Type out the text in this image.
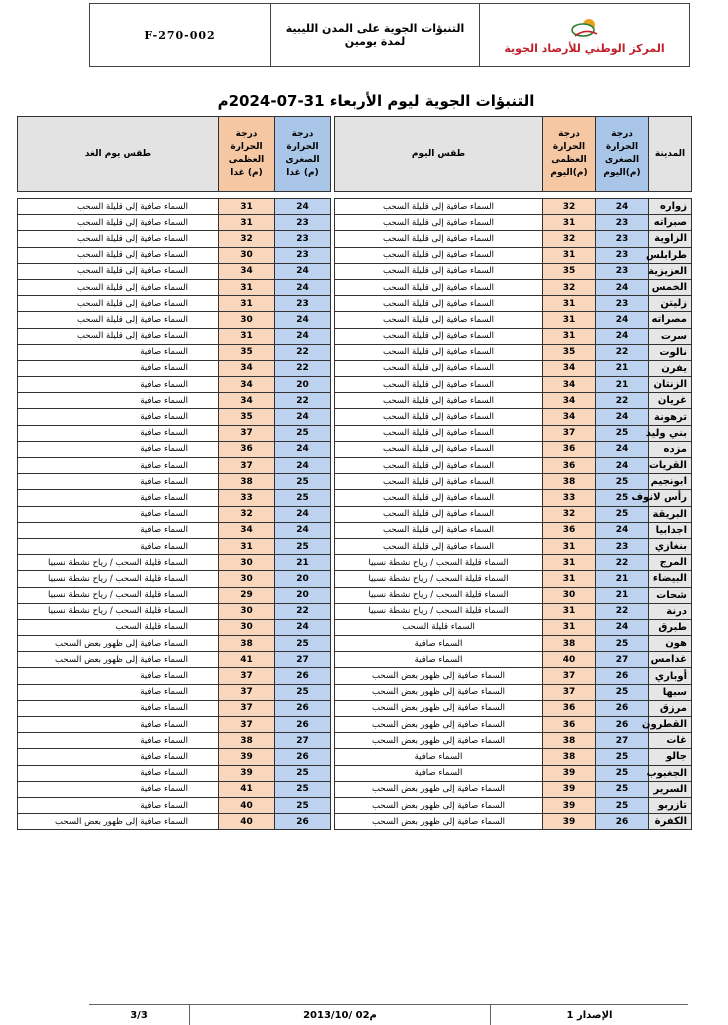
F-270-002	التنبؤات الجوية على المدن الليبية
لمدة يومين	المركز الوطني للأرصاد الجوية
التنبؤات الجوية ليوم الأربعاء 31-07-2024م
المدينة	درجة
الحرارة
الصغرى
(م)اليوم	درجة
الحرارة
العظمى
(م)اليوم	طقس اليوم		درجة
الحرارة
الصغرى
(م) غدا	درجة
الحرارة
العظمى
(م) غدا	طقس يوم الغد

زواره	24	32	السماء صافية إلى قليلة السحب		24	31	السماء صافية إلى قليلة السحب
صبراته	23	31	السماء صافية إلى قليلة السحب		23	31	السماء صافية إلى قليلة السحب
الزاوية	23	32	السماء صافية إلى قليلة السحب		23	32	السماء صافية إلى قليلة السحب
طرابلس	23	31	السماء صافية إلى قليلة السحب		23	30	السماء صافية إلى قليلة السحب
العزيزية	23	35	السماء صافية إلى قليلة السحب		24	34	السماء صافية إلى قليلة السحب
الخمس	24	32	السماء صافية إلى قليلة السحب		24	31	السماء صافية إلى قليلة السحب
زليتن	23	31	السماء صافية إلى قليلة السحب		23	31	السماء صافية إلى قليلة السحب
مصراته	24	31	السماء صافية إلى قليلة السحب		24	30	السماء صافية إلى قليلة السحب
سرت	24	31	السماء صافية إلى قليلة السحب		24	31	السماء صافية إلى قليلة السحب
نالوت	22	35	السماء صافية إلى قليلة السحب		22	35	السماء صافية
يفرن	21	34	السماء صافية إلى قليلة السحب		22	34	السماء صافية
الزنتان	21	34	السماء صافية إلى قليلة السحب		20	34	السماء صافية
غريان	22	34	السماء صافية إلى قليلة السحب		22	34	السماء صافية
ترهونة	24	34	السماء صافية إلى قليلة السحب		24	35	السماء صافية
بني وليد	25	37	السماء صافية إلى قليلة السحب		25	37	السماء صافية
مزده	24	36	السماء صافية إلى قليلة السحب		24	36	السماء صافية
القريات	24	36	السماء صافية إلى قليلة السحب		24	37	السماء صافية
ابونجيم	25	38	السماء صافية إلى قليلة السحب		25	38	السماء صافية
رأس لانوف	25	33	السماء صافية إلى قليلة السحب		25	33	السماء صافية
البريقة	25	32	السماء صافية إلى قليلة السحب		24	32	السماء صافية
اجدابيا	24	36	السماء صافية إلى قليلة السحب		24	34	السماء صافية
بنغازي	23	31	السماء صافية إلى قليلة السحب		25	31	السماء صافية
المرج	22	31	السماء قليلة السحب / رياح نشطة نسبيا		21	30	السماء قليلة السحب / رياح نشطة نسبيا
البيضاء	21	31	السماء قليلة السحب / رياح نشطة نسبيا		20	30	السماء قليلة السحب / رياح نشطة نسبيا
شحات	21	30	السماء قليلة السحب / رياح نشطة نسبيا		20	29	السماء قليلة السحب / رياح نشطة نسبيا
درنة	22	31	السماء قليلة السحب / رياح نشطة نسبيا		22	30	السماء قليلة السحب / رياح نشطة نسبيا
طبرق	24	31	السماء قليلة السحب		24	30	السماء قليلة السحب
هون	25	38	السماء صافية		25	38	السماء صافية إلى ظهور بعض السحب
غدامس	27	40	السماء صافية		27	41	السماء صافية إلى ظهور بعض السحب
أوباري	26	37	السماء صافية إلى ظهور بعض السحب		26	37	السماء صافية
سبها	25	37	السماء صافية إلى ظهور بعض السحب		25	37	السماء صافية
مرزق	26	36	السماء صافية إلى ظهور بعض السحب		26	37	السماء صافية
القطرون	26	36	السماء صافية إلى ظهور بعض السحب		26	37	السماء صافية
غات	27	38	السماء صافية إلى ظهور بعض السحب		27	38	السماء صافية
جالو	25	38	السماء صافية		26	39	السماء صافية
الجغبوب	25	39	السماء صافية		25	39	السماء صافية
السرير	25	39	السماء صافية إلى ظهور بعض السحب		25	41	السماء صافية
تازربو	25	39	السماء صافية إلى ظهور بعض السحب		25	40	السماء صافية
الكفرة	26	39	السماء صافية إلى ظهور بعض السحب		26	40	السماء صافية إلى ظهور بعض السحب
3/3	2013/10/ 02م	الإصدار 1
